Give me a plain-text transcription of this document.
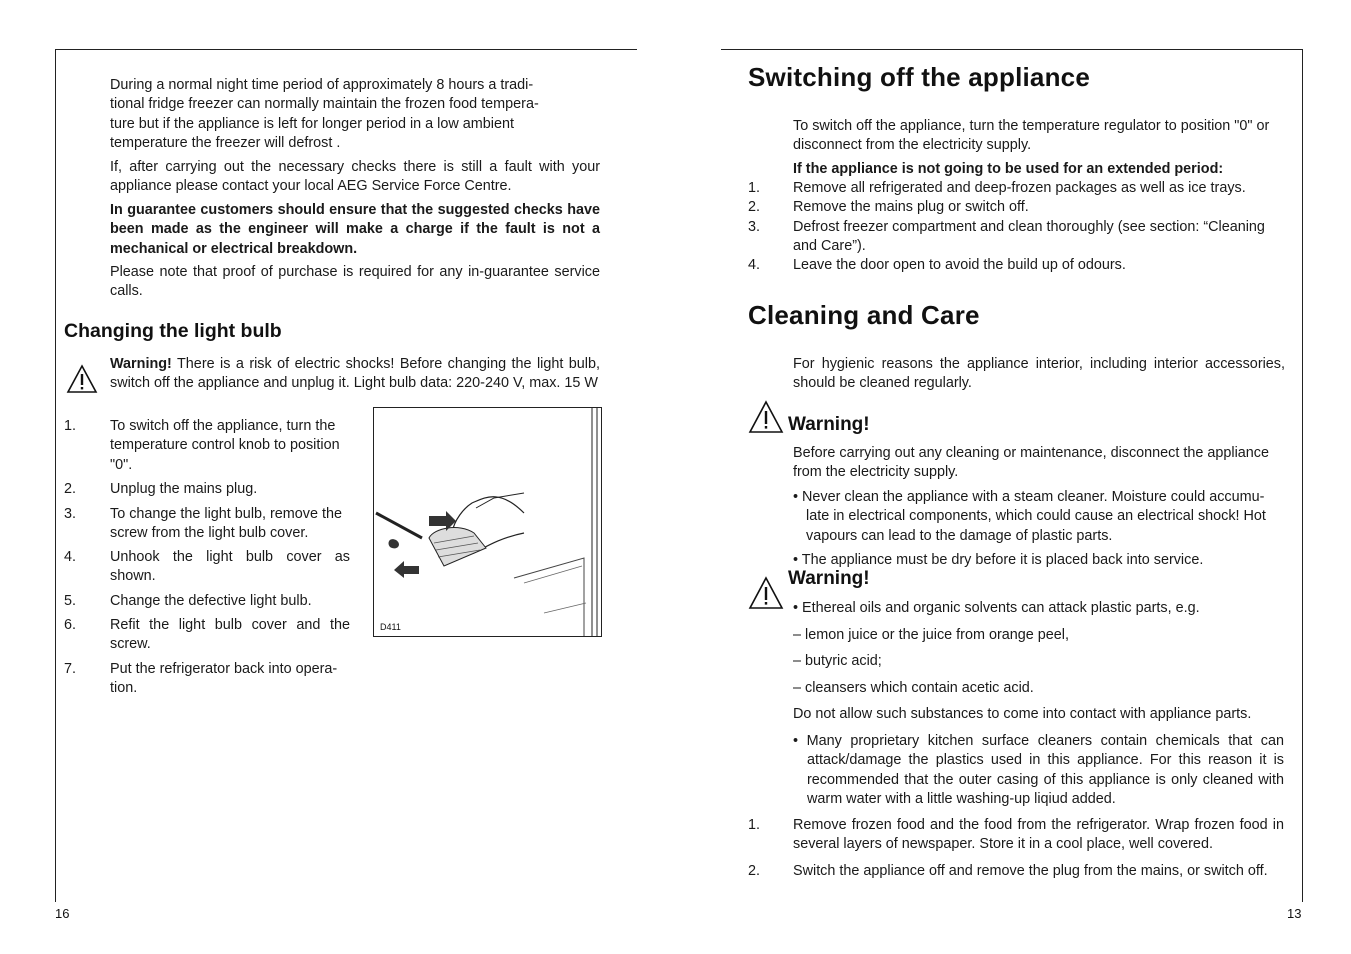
During a normal night time period of approximately 8 hours a tradi-
tional fridge freezer can normally maintain the frozen food tempera-
ture but if the appliance is left for longer period in a low ambient
temperature the freezer will defrost .
If, after carrying out the necessary checks there is still a fault with your appliance please contact your local AEG Service Force Centre.
In guarantee customers should ensure that the suggested checks have been made as the engineer will make a charge if the fault is not a mechanical or electrical breakdown.
Please note that proof of purchase is required for any in-guarantee service calls.
Changing the light bulb
Warning! There is a risk of electric shocks! Before changing the light bulb, switch off the appliance and unplug it. Light bulb data: 220-240 V, max. 15 W
1. To switch off the appliance, turn the temperature control knob to position "0".
2. Unplug the mains plug.
3. To change the light bulb, remove the screw from the light bulb cover.
4. Unhook the light bulb cover as shown.
5. Change the defective light bulb.
6. Refit the light bulb cover and the screw.
7. Put the refrigerator back into opera-tion.
D411
16
Switching off the appliance
To switch off the appliance, turn the temperature regulator to position "0" or disconnect from the electricity supply.
If the appliance is not going to be used for an extended period:
1. Remove all refrigerated and deep-frozen packages as well as ice trays.
2. Remove the mains plug or switch off.
3. Defrost freezer compartment and clean thoroughly (see section: “Cleaning and Care”).
4. Leave the door open to avoid the build up of odours.
Cleaning and Care
For hygienic reasons the appliance interior, including interior accessories, should be cleaned regularly.
Warning!
Before carrying out any cleaning or maintenance, disconnect the appliance from the electricity supply.
• Never clean the appliance with a steam cleaner. Moisture could accumu-
late in electrical components, which could cause an electrical shock! Hot
vapours can lead to the damage of plastic parts.
• The appliance must be dry before it is placed back into service.
Warning!
• Ethereal oils and organic solvents can attack plastic parts, e.g.
– lemon juice or the juice from orange peel,
– butyric acid;
– cleansers which contain acetic acid.
Do not allow such substances to come into contact with appliance parts.
• Many proprietary kitchen surface cleaners contain chemicals that can attack/damage the plastics used in this appliance. For this reason it is recommended that the outer casing of this appliance is only cleaned with warm water with a little washing-up liqiud added.
1. Remove frozen food and the food from the refrigerator. Wrap frozen food in several layers of newspaper. Store it in a cool place, well covered.
2. Switch the appliance off and remove the plug from the mains, or switch off.
13
